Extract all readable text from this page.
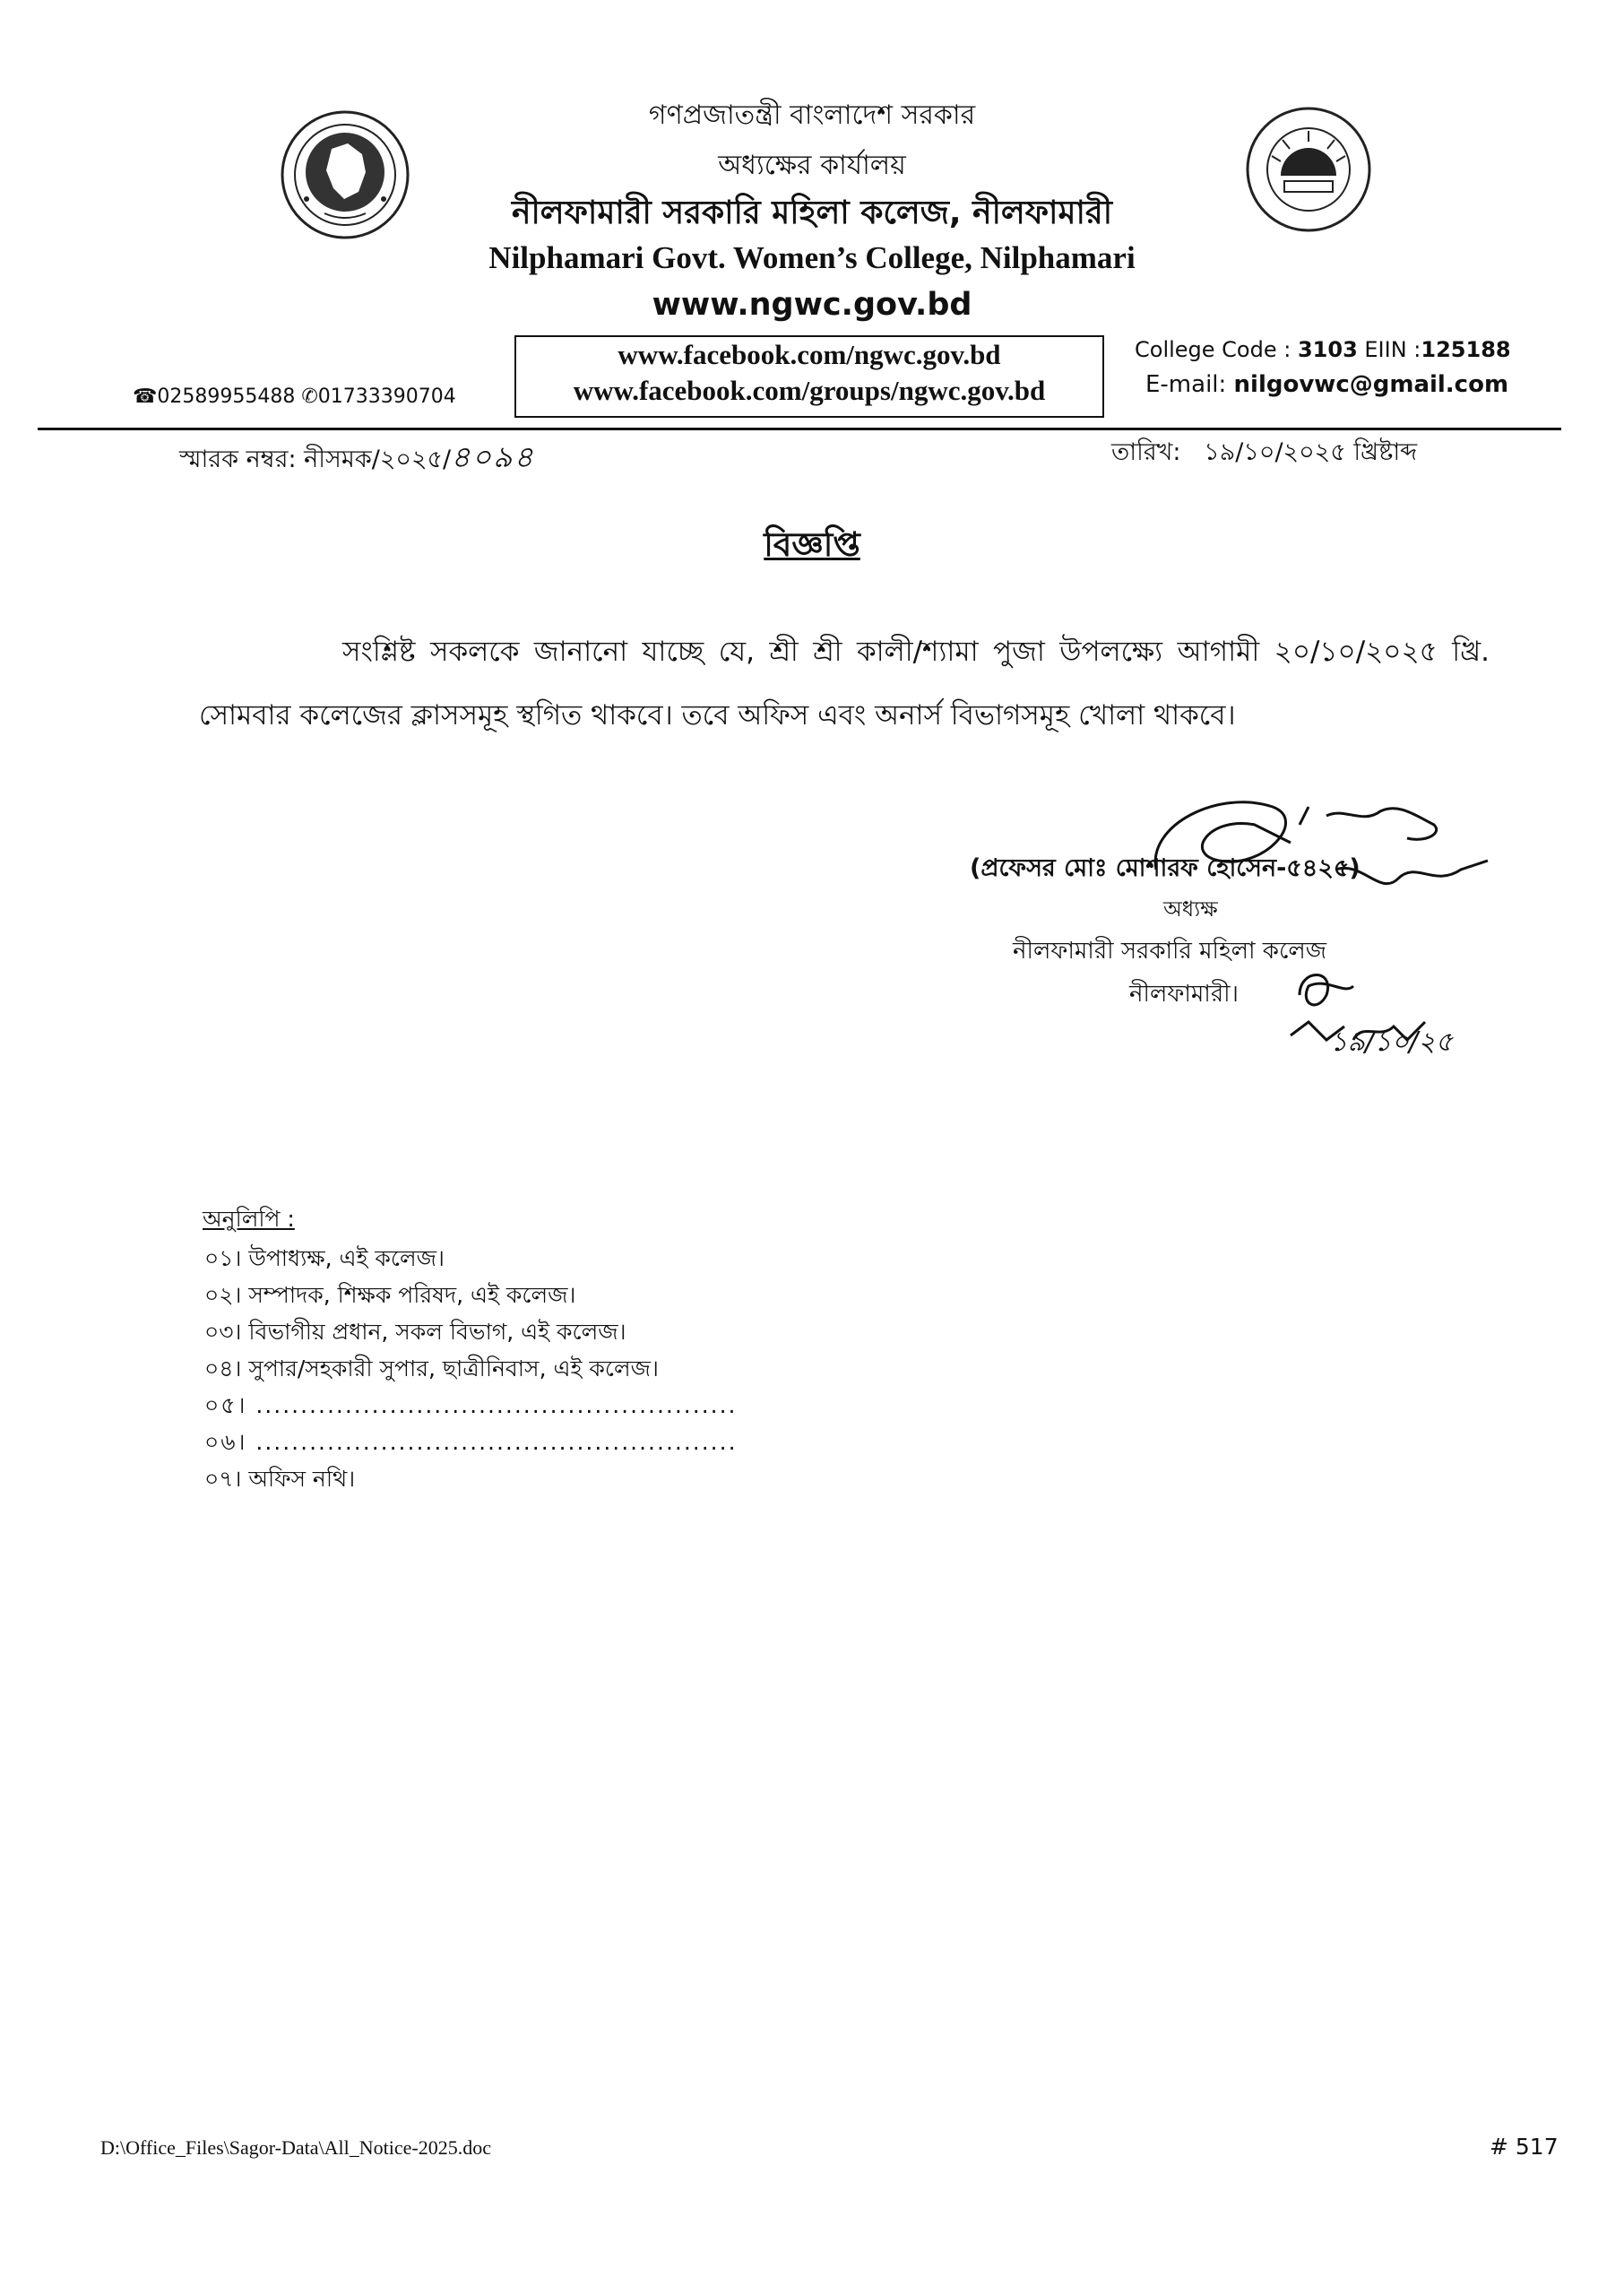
গণপ্রজাতন্ত্রী বাংলাদেশ সরকার
অধ্যক্ষের কার্যালয়
নীলফামারী সরকারি মহিলা কলেজ, নীলফামারী
Nilphamari Govt. Women’s College, Nilphamari
www.ngwc.gov.bd
www.facebook.com/ngwc.gov.bd
www.facebook.com/groups/ngwc.gov.bd
☎02589955488 ✆01733390704
College Code : 3103 EIIN :125188
E-mail: nilgovwc@gmail.com
স্মারক নম্বর: নীসমক/২০২৫/৪০৯৪	তারিখ: ১৯/১০/২০২৫ খ্রিষ্টাব্দ
বিজ্ঞপ্তি
সংশ্লিষ্ট সকলকে জানানো যাচ্ছে যে, শ্রী শ্রী কালী/শ্যামা পুজা উপলক্ষ্যে আগামী ২০/১০/২০২৫ খ্রি. সোমবার কলেজের ক্লাসসমূহ স্থগিত থাকবে। তবে অফিস এবং অনার্স বিভাগসমূহ খোলা থাকবে।
(প্রফেসর মোঃ মোশারফ হোসেন-৫৪২৫)
অধ্যক্ষ
নীলফামারী সরকারি মহিলা কলেজ
নীলফামারী।
১৯/১০/২৫
অনুলিপি :
০১। উপাধ্যক্ষ, এই কলেজ।
০২। সম্পাদক, শিক্ষক পরিষদ, এই কলেজ।
০৩। বিভাগীয় প্রধান, সকল বিভাগ, এই কলেজ।
০৪। সুপার/সহকারী সুপার, ছাত্রীনিবাস, এই কলেজ।
০৫। ......................................................
০৬। ......................................................
০৭। অফিস নথি।
D:\Office_Files\Sagor-Data\All_Notice-2025.doc	# 517
